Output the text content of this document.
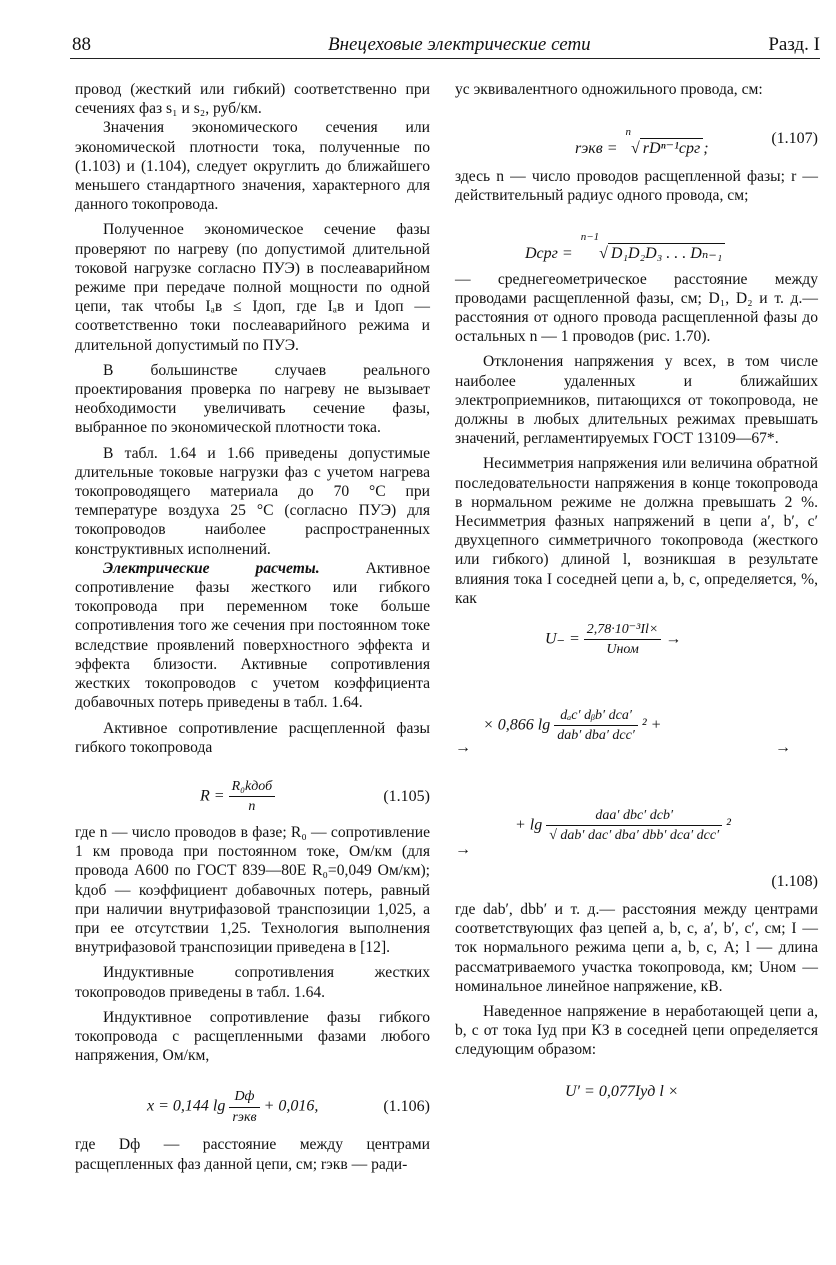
88	Внецеховые электрические сети	Разд. I

провод (жесткий или гибкий) соответственно при сечениях фаз s₁ и s₂, руб/км.

Значения экономического сечения или экономической плотности тока, полученные по (1.103) и (1.104), следует округлить до ближайшего меньшего стандартного значения, характерного для данного токопровода.

Полученное экономическое сечение фазы проверяют по нагреву (по допустимой длительной токовой нагрузке согласно ПУЭ) в послеаварийном режиме при передаче полной мощности по одной цепи, так чтобы Iₐв ≤ Iдоп, где Iₐв и Iдоп — соответственно токи послеаварийного режима и длительной допустимый по ПУЭ.

В большинстве случаев реального проектирования проверка по нагреву не вызывает необходимости увеличивать сечение фазы, выбранное по экономической плотности тока.

В табл. 1.64 и 1.66 приведены допустимые длительные токовые нагрузки фаз с учетом нагрева токопроводящего материала до 70 °С при температуре воздуха 25 °С (согласно ПУЭ) для токопроводов наиболее распространенных конструктивных исполнений.

Электрические расчеты. Активное сопротивление фазы жесткого или гибкого токопровода при переменном токе больше сопротивления того же сечения при постоянном токе вследствие проявлений поверхностного эффекта и эффекта близости. Активные сопротивления жестких токопроводов с учетом коэффициента добавочных потерь приведены в табл. 1.64.

Активное сопротивление расщепленной фазы гибкого токопровода

$R = \frac{\text{R₀kдоб}}{n}$	(1.105)

где n — число проводов в фазе; R₀ — сопротивление 1 км провода при постоянном токе, Ом/км (для провода А600 по ГОСТ 839—80Е R₀=0,049 Ом/км); kдоб — коэффициент добавочных потерь, равный при наличии внутрифазовой транспозиции 1,025, а при ее отсутствии 1,25. Технология выполнения внутрифазовой транспозиции приведена в [12].

Индуктивные сопротивления жестких токопроводов приведены в табл. 1.64.

Индуктивное сопротивление фазы гибкого токопровода с расщепленными фазами любого напряжения, Ом/км,

x = 0,144 $\lg \frac{Dф}{\text{rэкв}} + 0,016$,	(1.106)

где Dф — расстояние между центрами расщепленных фаз данной цепи, см; rэкв — ради-

ус эквивалентного одножильного провода, см:

rэкв = $^n$√ rDⁿ⁻¹срг ;
(1.107)

здесь n — число проводов расщепленной фазы; r — действительный радиус одного провода, см;

Dсрг = $^{n-1}$√ D₁D₂D₃ . . . Dₙ₋₁

— среднегеометрическое расстояние между проводами расщепленной фазы, см; D₁, D₂ и т. д.— расстояния от одного провода расщепленной фазы до остальных n — 1 проводов (рис. 1.70).

Отклонения напряжения у всех, в том числе наиболее удаленных и ближайших электроприемников, питающихся от токопровода, не должны в любых длительных режимах превышать значений, регламентируемых ГОСТ 13109—67*.

Несимметрия напряжения или величина обратной последовательности напряжения в конце токопровода в нормальном режиме не должна превышать 2 %. Несимметрия фазных напряжений в цепи a′, b′, c′ двухцепного симметричного токопровода (жесткого или гибкого) длиной l, возникшая в результате влияния тока I соседней цепи a, b, c, определяется, %, как

$U_- = \frac{\text{2,78·10⁻³Il×}}{\text{Uном}}$ →
→
× 0,866 $\lg \frac{\text{dₐc′ dᵦb′ dca′}}{\text{dab′ dba′ dcc′}} ^2$ +
→
→
+ $\lg \frac{\text{daa′ dbc′ dcb′}}{\text{√ dab′ dac′ dba′ dbb′ dca′ dcc′}} ^2$
(1.108)

где dab′, dbb′ и т. д.— расстояния между центрами соответствующих фаз цепей a, b, c, a′, b′, c′, см; I — ток нормального режима цепи a, b, c, А; l — длина рассматриваемого участка токопровода, км; Uном — номинальное линейное напряжение, кВ.

Наведенное напряжение в неработающей цепи a, b, c от тока Iуд при КЗ в соседней цепи определяется следующим образом:

U′ = 0,077Iуд l ×
